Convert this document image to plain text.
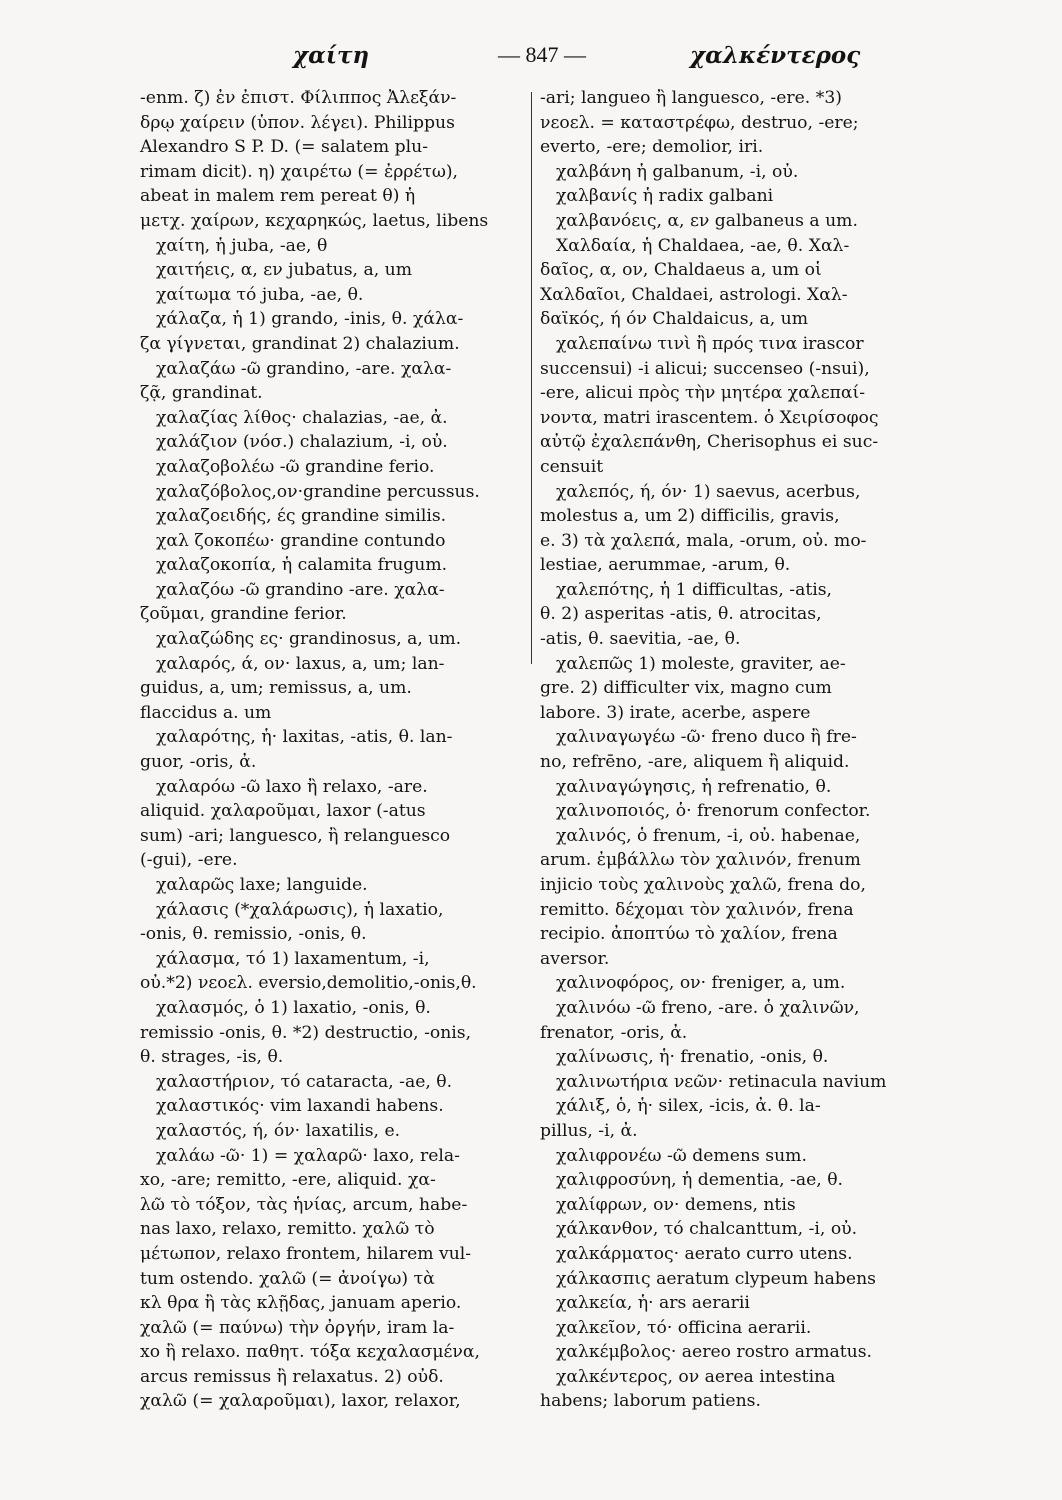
χαίτη	— 847 —	χαλκέντερος
-enm. ζ) ἐν ἐπιστ. Φίλιππος Ἀλεξάν-
δρῳ χαίρειν (ὑπον. λέγει). Philippus
Alexandro S P. D. (= salatem plu-
rimam dicit). η) χαιρέτω (= ἐρρέτω),
abeat in malem rem pereat θ) ἡ
μετχ. χαίρων, κεχαρηκώς, laetus, libens
χαίτη, ἡ juba, -ae, θ
χαιτήεις, α, εν jubatus, a, um
χαίτωμα τό juba, -ae, θ.
χάλαζα, ἡ 1) grando, -inis, θ. χάλα-
ζα γίγνεται, grandinat 2) chalazium.
χαλαζάω -ῶ grandino, -are. χαλα-
ζᾷ, grandinat.
χαλαζίας λίθος· chalazias, -ae, ἀ.
χαλάζιον (νόσ.) chalazium, -i, οὐ.
χαλαζοβολέω -ῶ grandine ferio.
χαλαζόβολος,ον·grandine percussus.
χαλαζοειδής, ές grandine similis.
χαλ ζοκοπέω· grandine contundo
χαλαζοκοπία, ἡ calamita frugum.
χαλαζόω -ῶ grandino -are. χαλα-
ζοῦμαι, grandine ferior.
χαλαζώδης ες· grandinosus, a, um.
χαλαρός, ά, ον· laxus, a, um; lan-
guidus, a, um; remissus, a, um.
flaccidus a. um
χαλαρότης, ἡ· laxitas, -atis, θ. lan-
guor, -oris, ἀ.
χαλαρόω -ῶ laxo ἢ relaxo, -are.
aliquid. χαλαροῦμαι, laxor (-atus
sum) -ari; languesco, ἢ relanguesco
(-gui), -ere.
χαλαρῶς laxe; languide.
χάλασις (*χαλάρωσις), ἡ laxatio,
-onis, θ. remissio, -onis, θ.
χάλασμα, τό 1) laxamentum, -i,
οὐ.*2) νεοελ. eversio,demolitio,-onis,θ.
χαλασμός, ὁ 1) laxatio, -onis, θ.
remissio -onis, θ. *2) destructio, -onis,
θ. strages, -is, θ.
χαλαστήριον, τό cataracta, -ae, θ.
χαλαστικός· vim laxandi habens.
χαλαστός, ή, όν· laxatilis, e.
χαλάω -ῶ· 1) = χαλαρῶ· laxo, rela-
xo, -are; remitto, -ere, aliquid. χα-
λῶ τὸ τόξον, τὰς ἡνίας, arcum, habe-
nas laxo, relaxo, remitto. χαλῶ τὸ
μέτωπον, relaxo frontem, hilarem vul-
tum ostendo. χαλῶ (= ἀνοίγω) τὰ
κλ θρα ἢ τὰς κλῇδας, januam aperio.
χαλῶ (= παύνω) τὴν ὀργήν, iram la-
xo ἢ relaxo. παθητ. τόξα κεχαλασμένα,
arcus remissus ἢ relaxatus. 2) οὐδ.
χαλῶ (= χαλαροῦμαι), laxor, relaxor,
-ari; langueo ἢ languesco, -ere. *3)
νεοελ. = καταστρέφω, destruo, -ere;
everto, -ere; demolior, iri.
χαλβάνη ἡ galbanum, -i, οὐ.
χαλβανίς ἡ radix galbani
χαλβανόεις, α, εν galbaneus a um.
Χαλδαία, ἡ Chaldaea, -ae, θ. Χαλ-
δαῖος, α, ον, Chaldaeus a, um οἱ
Χαλδαῖοι, Chaldaei, astrologi. Χαλ-
δαϊκός, ή όν Chaldaicus, a, um
χαλεπαίνω τινὶ ἢ πρός τινα irascor
succensui) -i alicui; succenseo (-nsui),
-ere, alicui πρὸς τὴν μητέρα χαλεπαί-
νοντα, matri irascentem. ὁ Χειρίσοφος
αὐτῷ ἐχαλεπάνθη, Cherisophus ei suc-
censuit
χαλεπός, ή, όν· 1) saevus, acerbus,
molestus a, um 2) difficilis, gravis,
e. 3) τὰ χαλεπά, mala, -orum, οὐ. mo-
lestiae, aerummae, -arum, θ.
χαλεπότης, ἡ 1 difficultas, -atis,
θ. 2) asperitas -atis, θ. atrocitas,
-atis, θ. saevitia, -ae, θ.
χαλεπῶς 1) moleste, graviter, ae-
gre. 2) difficulter vix, magno cum
labore. 3) irate, acerbe, aspere
χαλιναγωγέω -ῶ· freno duco ἢ fre-
no, refrēno, -are, aliquem ἢ aliquid.
χαλιναγώγησις, ἡ refrenatio, θ.
χαλινοποιός, ὁ· frenorum confector.
χαλινός, ὁ frenum, -i, οὐ. habenae,
arum. ἐμβάλλω τὸν χαλινόν, frenum
injicio τοὺς χαλινοὺς χαλῶ, frena do,
remitto. δέχομαι τὸν χαλινόν, frena
recipio. ἀποπτύω τὸ χαλίον, frena
aversor.
χαλινοφόρος, ον· freniger, a, um.
χαλινόω -ῶ freno, -are. ὁ χαλινῶν,
frenator, -oris, ἀ.
χαλίνωσις, ἡ· frenatio, -onis, θ.
χαλινωτήρια νεῶν· retinacula navium
χάλιξ, ὁ, ἡ· silex, -icis, ἀ. θ. la-
pillus, -i, ἀ.
χαλιφρονέω -ῶ demens sum.
χαλιφροσύνη, ἡ dementia, -ae, θ.
χαλίφρων, ον· demens, ntis
χάλκανθον, τό chalcanttum, -i, οὐ.
χαλκάρματος· aerato curro utens.
χάλκασπις aeratum clypeum habens
χαλκεία, ἡ· ars aerarii
χαλκεῖον, τό· officina aerarii.
χαλκέμβολος· aereo rostro armatus.
χαλκέντερος, ον aerea intestina
habens; laborum patiens.
